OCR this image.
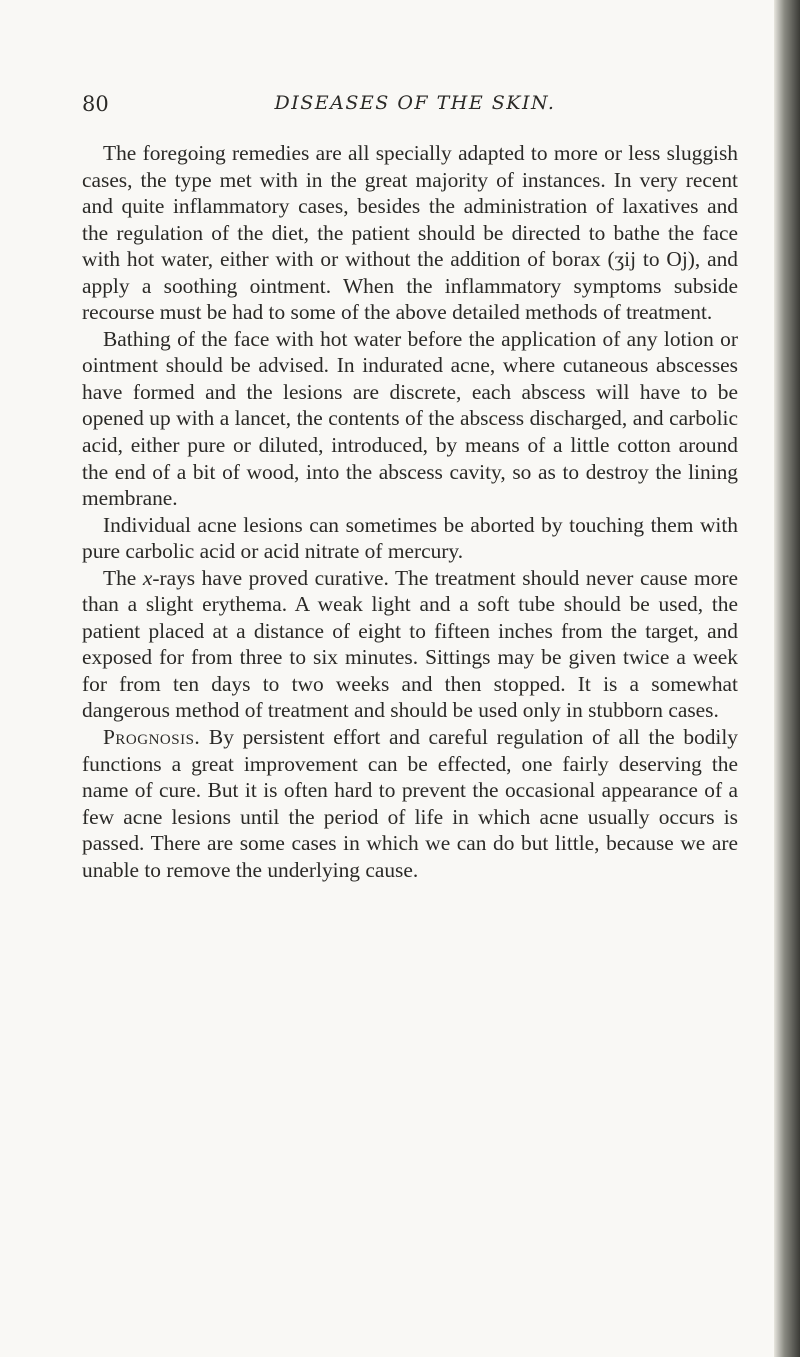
80	DISEASES OF THE SKIN.

The foregoing remedies are all specially adapted to more or less sluggish cases, the type met with in the great majority of instances. In very recent and quite inflammatory cases, besides the administration of laxatives and the regulation of the diet, the patient should be directed to bathe the face with hot water, either with or without the addition of borax (ʒij to Oj), and apply a soothing ointment. When the inflammatory symptoms subside recourse must be had to some of the above detailed methods of treatment.

Bathing of the face with hot water before the application of any lotion or ointment should be advised. In indurated acne, where cutaneous abscesses have formed and the lesions are discrete, each abscess will have to be opened up with a lancet, the contents of the abscess discharged, and carbolic acid, either pure or diluted, introduced, by means of a little cotton around the end of a bit of wood, into the abscess cavity, so as to destroy the lining membrane.

Individual acne lesions can sometimes be aborted by touching them with pure carbolic acid or acid nitrate of mercury.

The x-rays have proved curative. The treatment should never cause more than a slight erythema. A weak light and a soft tube should be used, the patient placed at a distance of eight to fifteen inches from the target, and exposed for from three to six minutes. Sittings may be given twice a week for from ten days to two weeks and then stopped. It is a somewhat dangerous method of treatment and should be used only in stubborn cases.

Prognosis. By persistent effort and careful regulation of all the bodily functions a great improvement can be effected, one fairly deserving the name of cure. But it is often hard to prevent the occasional appearance of a few acne lesions until the period of life in which acne usually occurs is passed. There are some cases in which we can do but little, because we are unable to remove the underlying cause.
